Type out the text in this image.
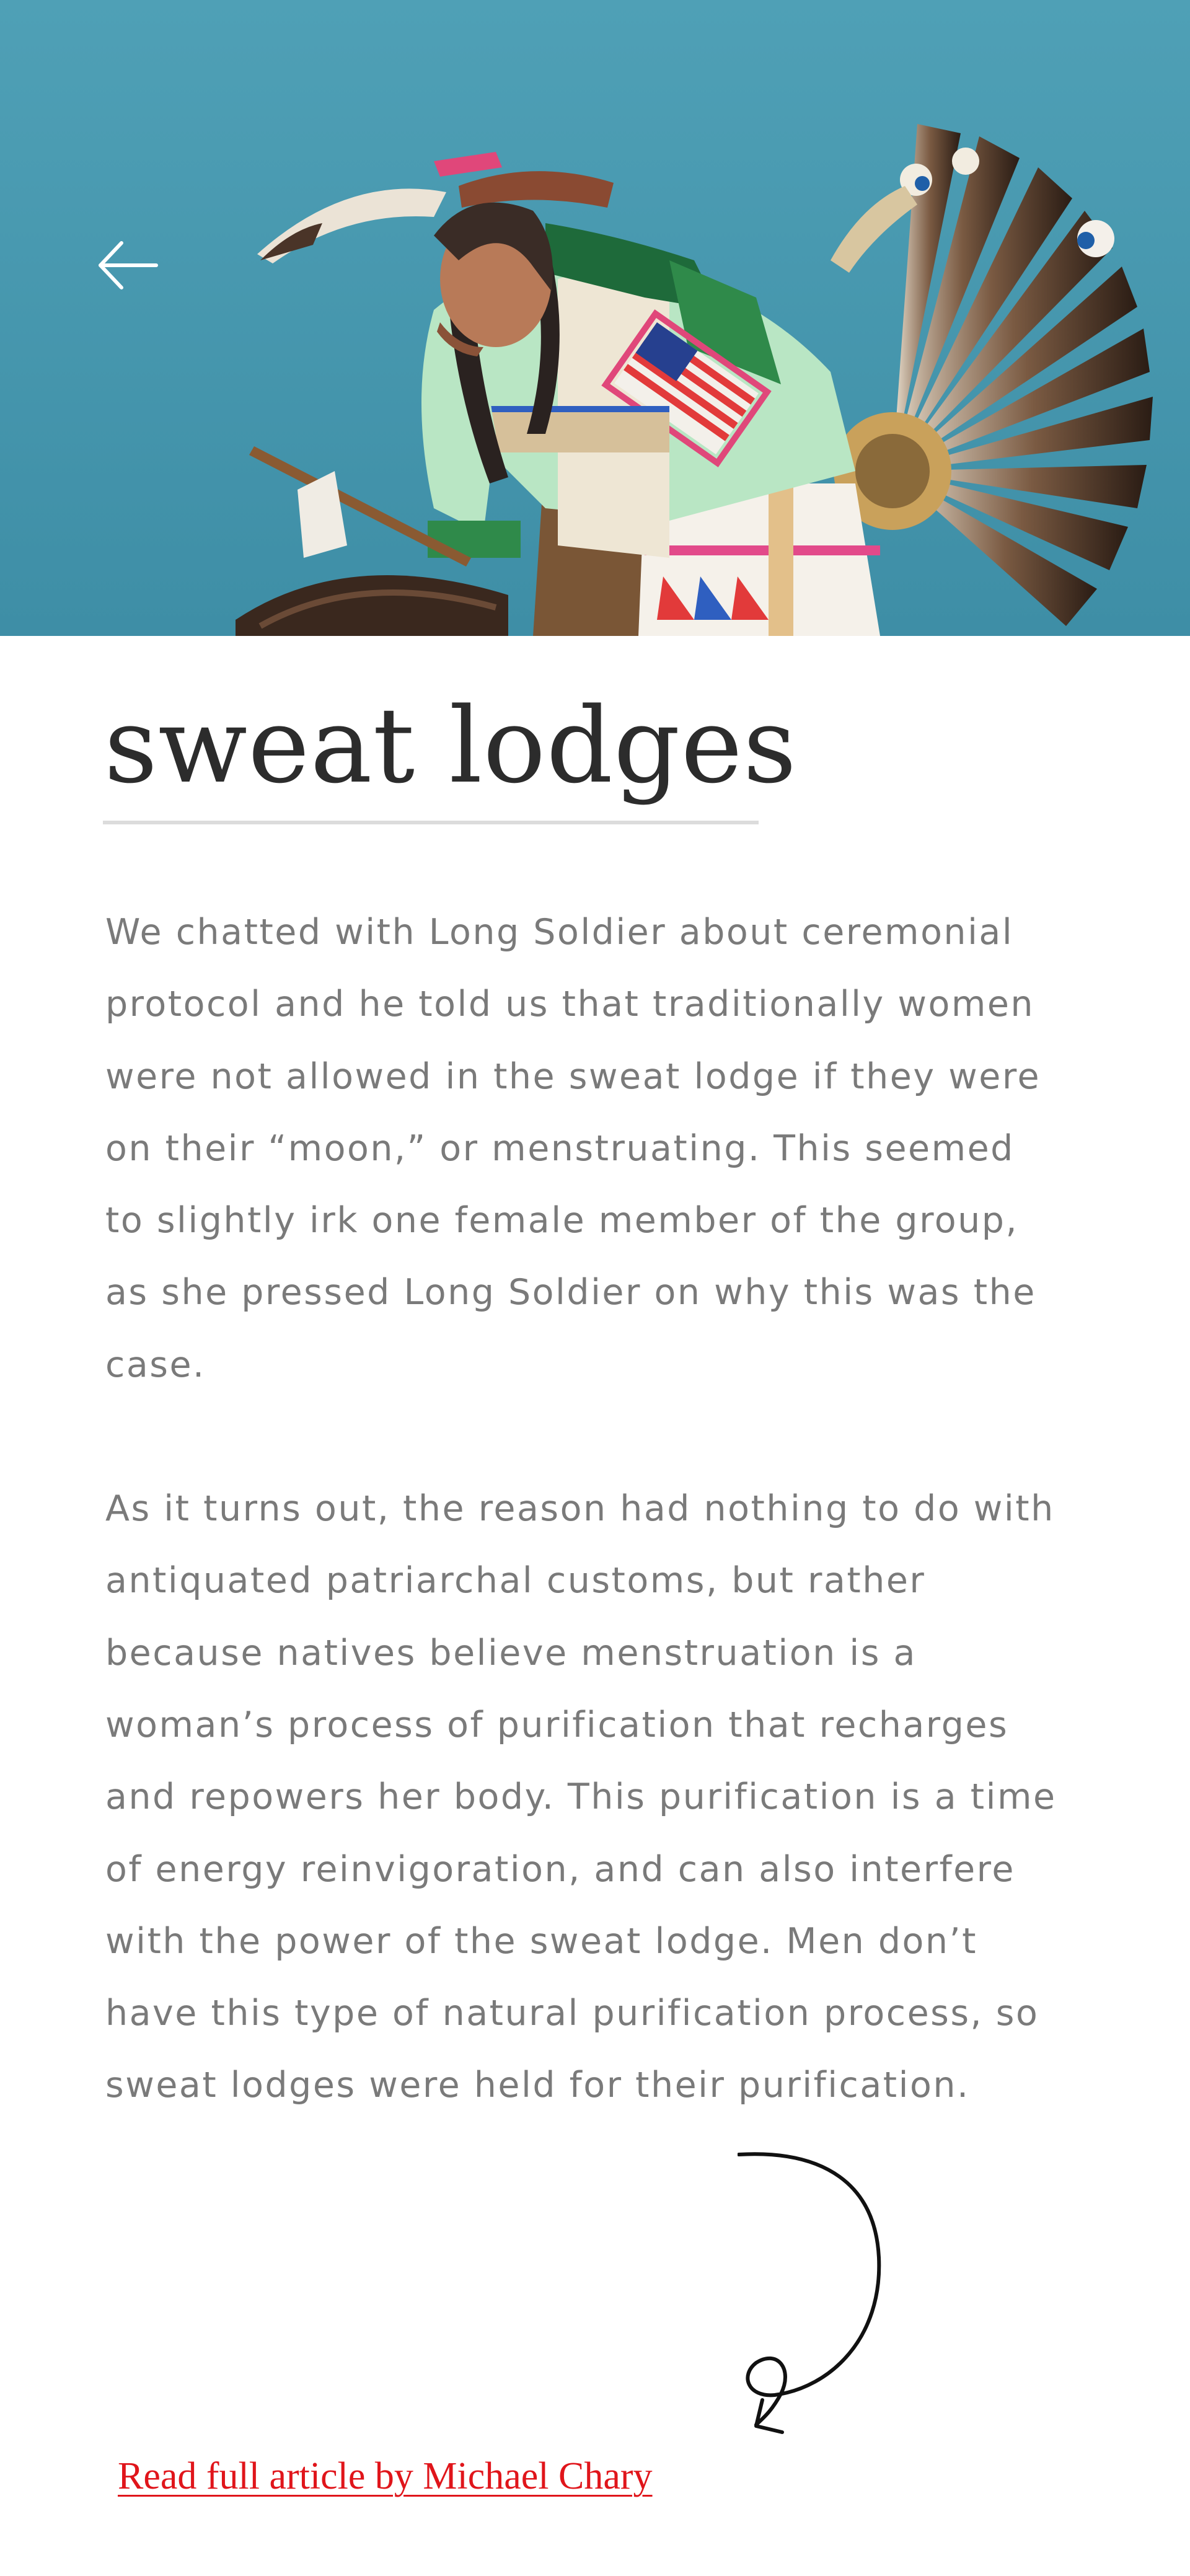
sweat lodges

We chatted with Long Soldier about ceremonial protocol and he told us that traditionally women were not allowed in the sweat lodge if they were on their “moon,” or menstruating. This seemed to slightly irk one female member of the group, as she pressed Long Soldier on why this was the case.

As it turns out, the reason had nothing to do with antiquated patriarchal customs, but rather because natives believe menstruation is a woman’s process of purification that recharges and repowers her body. This purification is a time of energy reinvigoration, and can also interfere with the power of the sweat lodge. Men don’t have this type of natural purification process, so sweat lodges were held for their purification.

Read full article by Michael Chary
